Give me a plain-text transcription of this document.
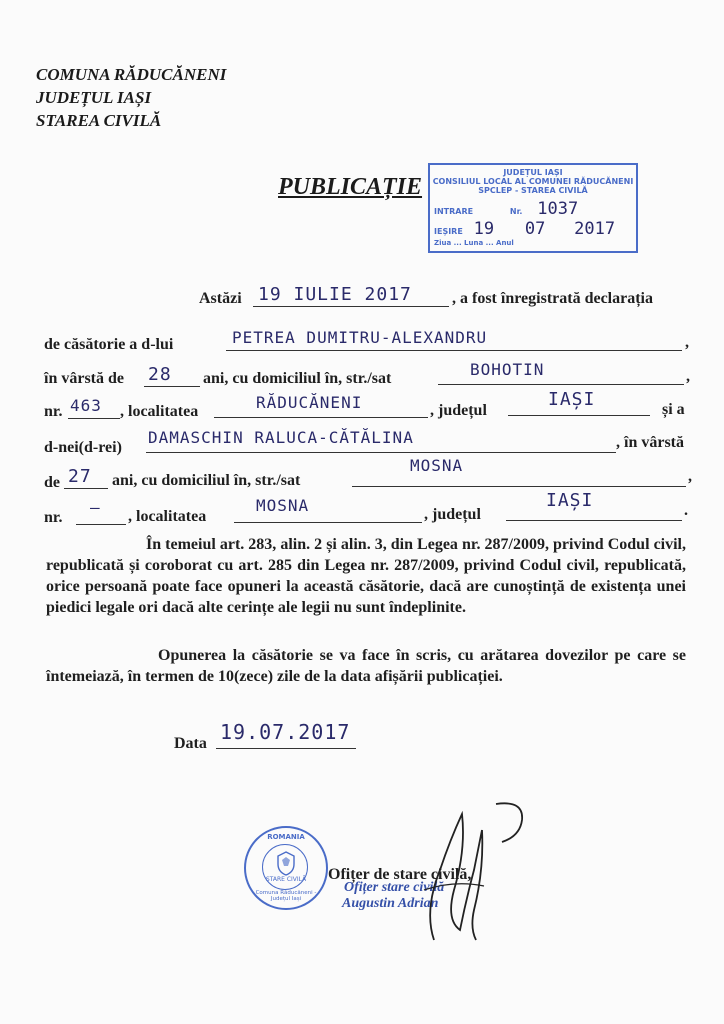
COMUNA RĂDUCĂNENI
JUDEȚUL IAȘI
STAREA CIVILĂ
PUBLICAȚIE
JUDEȚUL IAȘI
CONSILIUL LOCAL AL COMUNEI RĂDUCĂNENI
SPCLEP - STAREA CIVILĂ
INTRARE	Nr. 1037
IEȘIRE 19 07 2017
Ziua ... Luna ... Anul
Astăzi 19 IULIE 2017	, a fost înregistrată declarația
de căsătorie a d-lui	PETREA DUMITRU-ALEXANDRU	,
în vârstă de 28 ani, cu domiciliul în, str./sat	BOHOTIN	,
nr. 463 , localitatea	RĂDUCĂNENI	, județul
IAȘI	și a
d-nei(d-rei)
DAMASCHIN RALUCA-CĂTĂLINA	, în vârstă
de 27 ani, cu domiciliul în, str./sat
MOSNA
,
nr.
— , localitatea
MOSNA	, județul
IAȘI	.
În temeiul art. 283, alin. 2 și alin. 3, din Legea nr. 287/2009, privind Codul civil, republicată și coroborat cu art. 285 din Legea nr. 287/2009, privind Codul civil, republicată, orice persoană poate face opuneri la această căsătorie, dacă are cunoștință de existența unei piedici legale ori dacă alte cerințe ale legii nu sunt îndeplinite.
Opunerea la căsătorie se va face în scris, cu arătarea dovezilor pe care se întemeiază, în termen de 10(zece) zile de la data afișării publicației.
Data 19.07.2017
ROMANIA
STARE CIVILĂ
Comuna Răducăneni - Județul Iași
Ofițer de stare civilă,
Ofițer stare civilă
Augustin Adrian
